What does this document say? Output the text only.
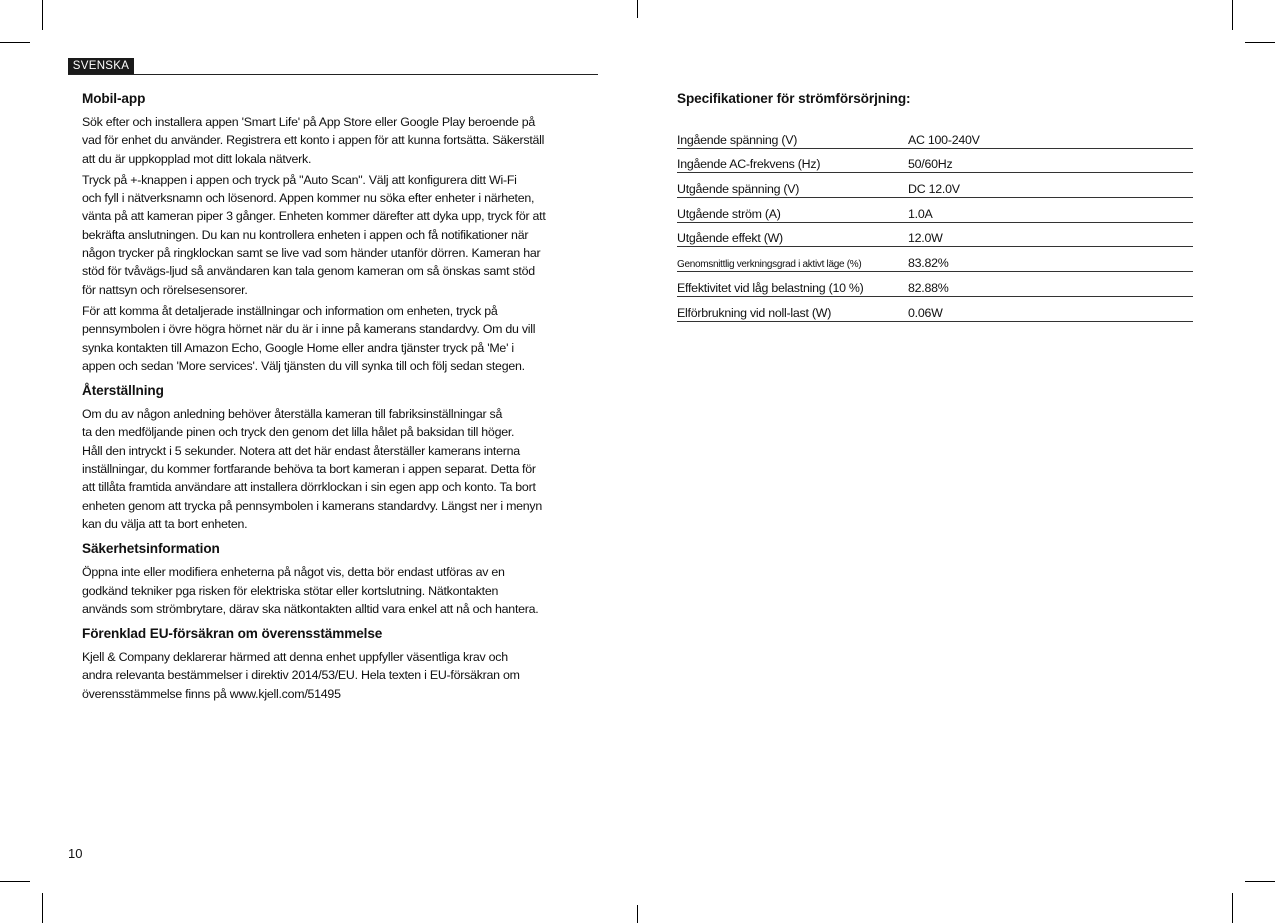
SVENSKA
Mobil-app
Sök efter och installera appen 'Smart Life' på App Store eller Google Play beroende på
vad för enhet du använder. Registrera ett konto i appen för att kunna fortsätta. Säkerställ
att du är uppkopplad mot ditt lokala nätverk.
Tryck på +-knappen i appen och tryck på "Auto Scan". Välj att konfigurera ditt Wi-Fi
och fyll i nätverksnamn och lösenord. Appen kommer nu söka efter enheter i närheten,
vänta på att kameran piper 3 gånger. Enheten kommer därefter att dyka upp, tryck för att
bekräfta anslutningen. Du kan nu kontrollera enheten i appen och få notifikationer när
någon trycker på ringklockan samt se live vad som händer utanför dörren. Kameran har
stöd för tvåvägs-ljud så användaren kan tala genom kameran om så önskas samt stöd
för nattsyn och rörelsesensorer.
För att komma åt detaljerade inställningar och information om enheten, tryck på
pennsymbolen i övre högra hörnet när du är i inne på kamerans standardvy. Om du vill
synka kontakten till Amazon Echo, Google Home eller andra tjänster tryck på 'Me' i
appen och sedan 'More services'. Välj tjänsten du vill synka till och följ sedan stegen.
Återställning
Om du av någon anledning behöver återställa kameran till fabriksinställningar så
ta den medföljande pinen och tryck den genom det lilla hålet på baksidan till höger.
Håll den intryckt i 5 sekunder. Notera att det här endast återställer kamerans interna
inställningar, du kommer fortfarande behöva ta bort kameran i appen separat. Detta för
att tillåta framtida användare att installera dörrklockan i sin egen app och konto. Ta bort
enheten genom att trycka på pennsymbolen i kamerans standardvy. Längst ner i menyn
kan du välja att ta bort enheten.
Säkerhetsinformation
Öppna inte eller modifiera enheterna på något vis, detta bör endast utföras av en
godkänd tekniker pga risken för elektriska stötar eller kortslutning. Nätkontakten
används som strömbrytare, därav ska nätkontakten alltid vara enkel att nå och hantera.
Förenklad EU-försäkran om överensstämmelse
Kjell & Company deklarerar härmed att denna enhet uppfyller väsentliga krav och
andra relevanta bestämmelser i direktiv 2014/53/EU. Hela texten i EU-försäkran om
överensstämmelse finns på www.kjell.com/51495
Specifikationer för strömförsörjning:
Ingående spänning (V)	AC 100-240V
Ingående AC-frekvens (Hz)	50/60Hz
Utgående spänning (V)	DC 12.0V
Utgående ström (A)	1.0A
Utgående effekt (W)	12.0W
Genomsnittlig verkningsgrad i aktivt läge (%)	83.82%
Effektivitet vid låg belastning (10 %)	82.88%
Elförbrukning vid noll-last (W)	0.06W
10
